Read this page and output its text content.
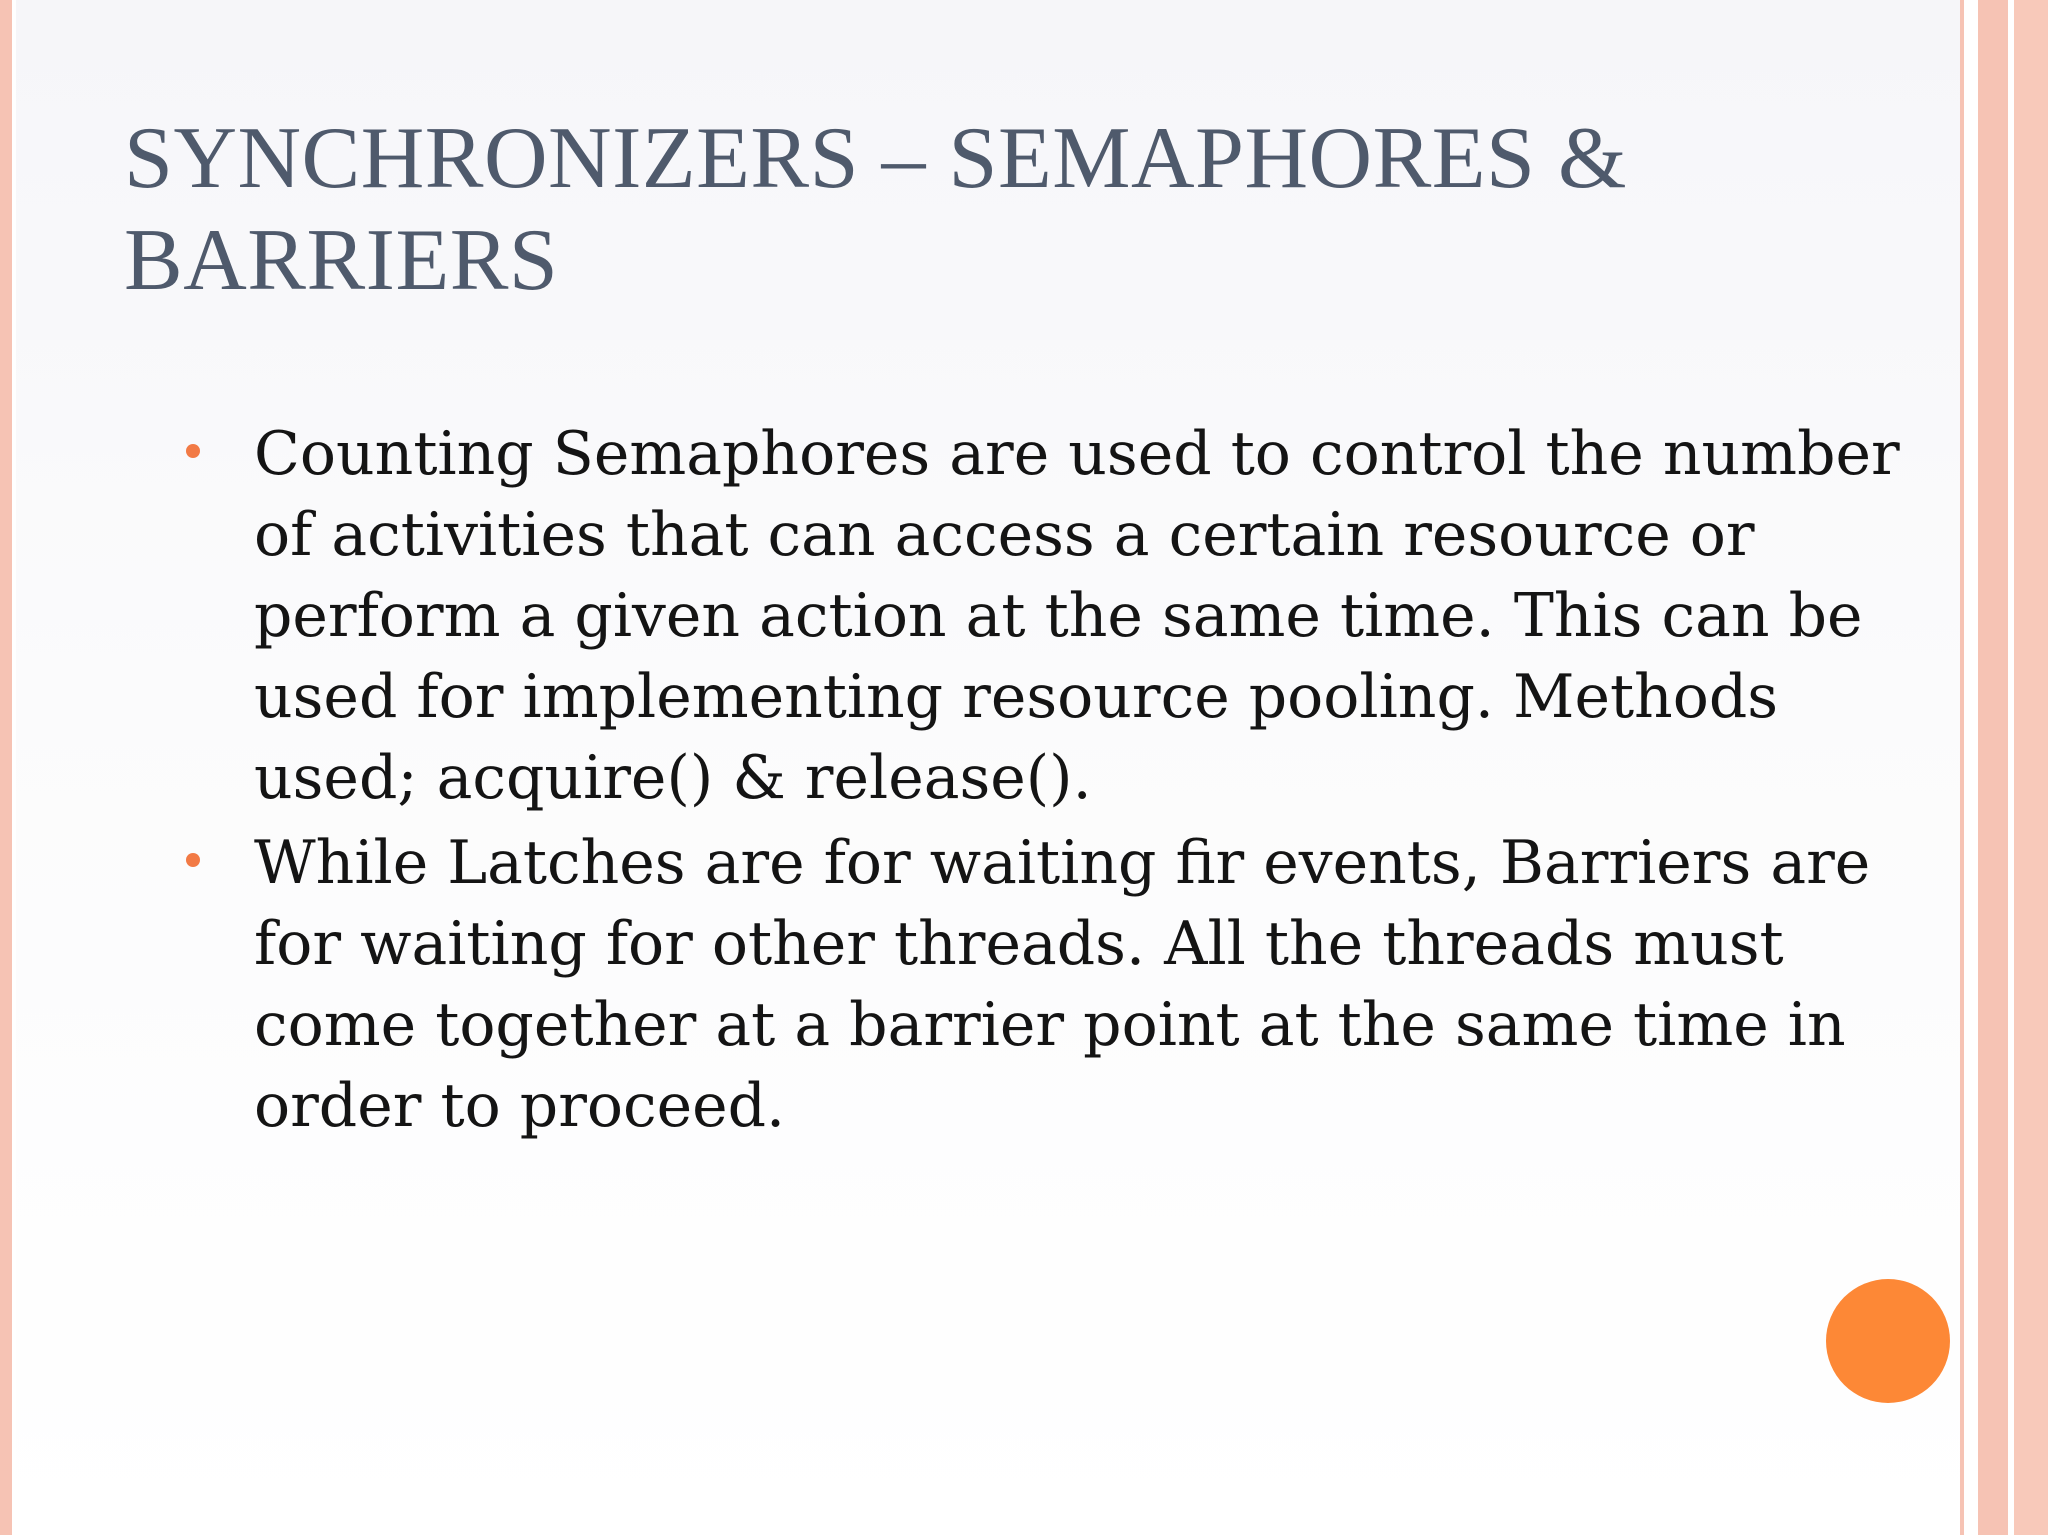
SYNCHRONIZERS – SEMAPHORES & BARRIERS
Counting Semaphores are used to control the number of activities that can access a certain resource or perform a given action at the same time. This can be used for implementing resource pooling. Methods used; acquire() & release().
While Latches are for waiting fir events, Barriers are for waiting for other threads. All the threads must come together at a barrier point at the same time in order to proceed.
